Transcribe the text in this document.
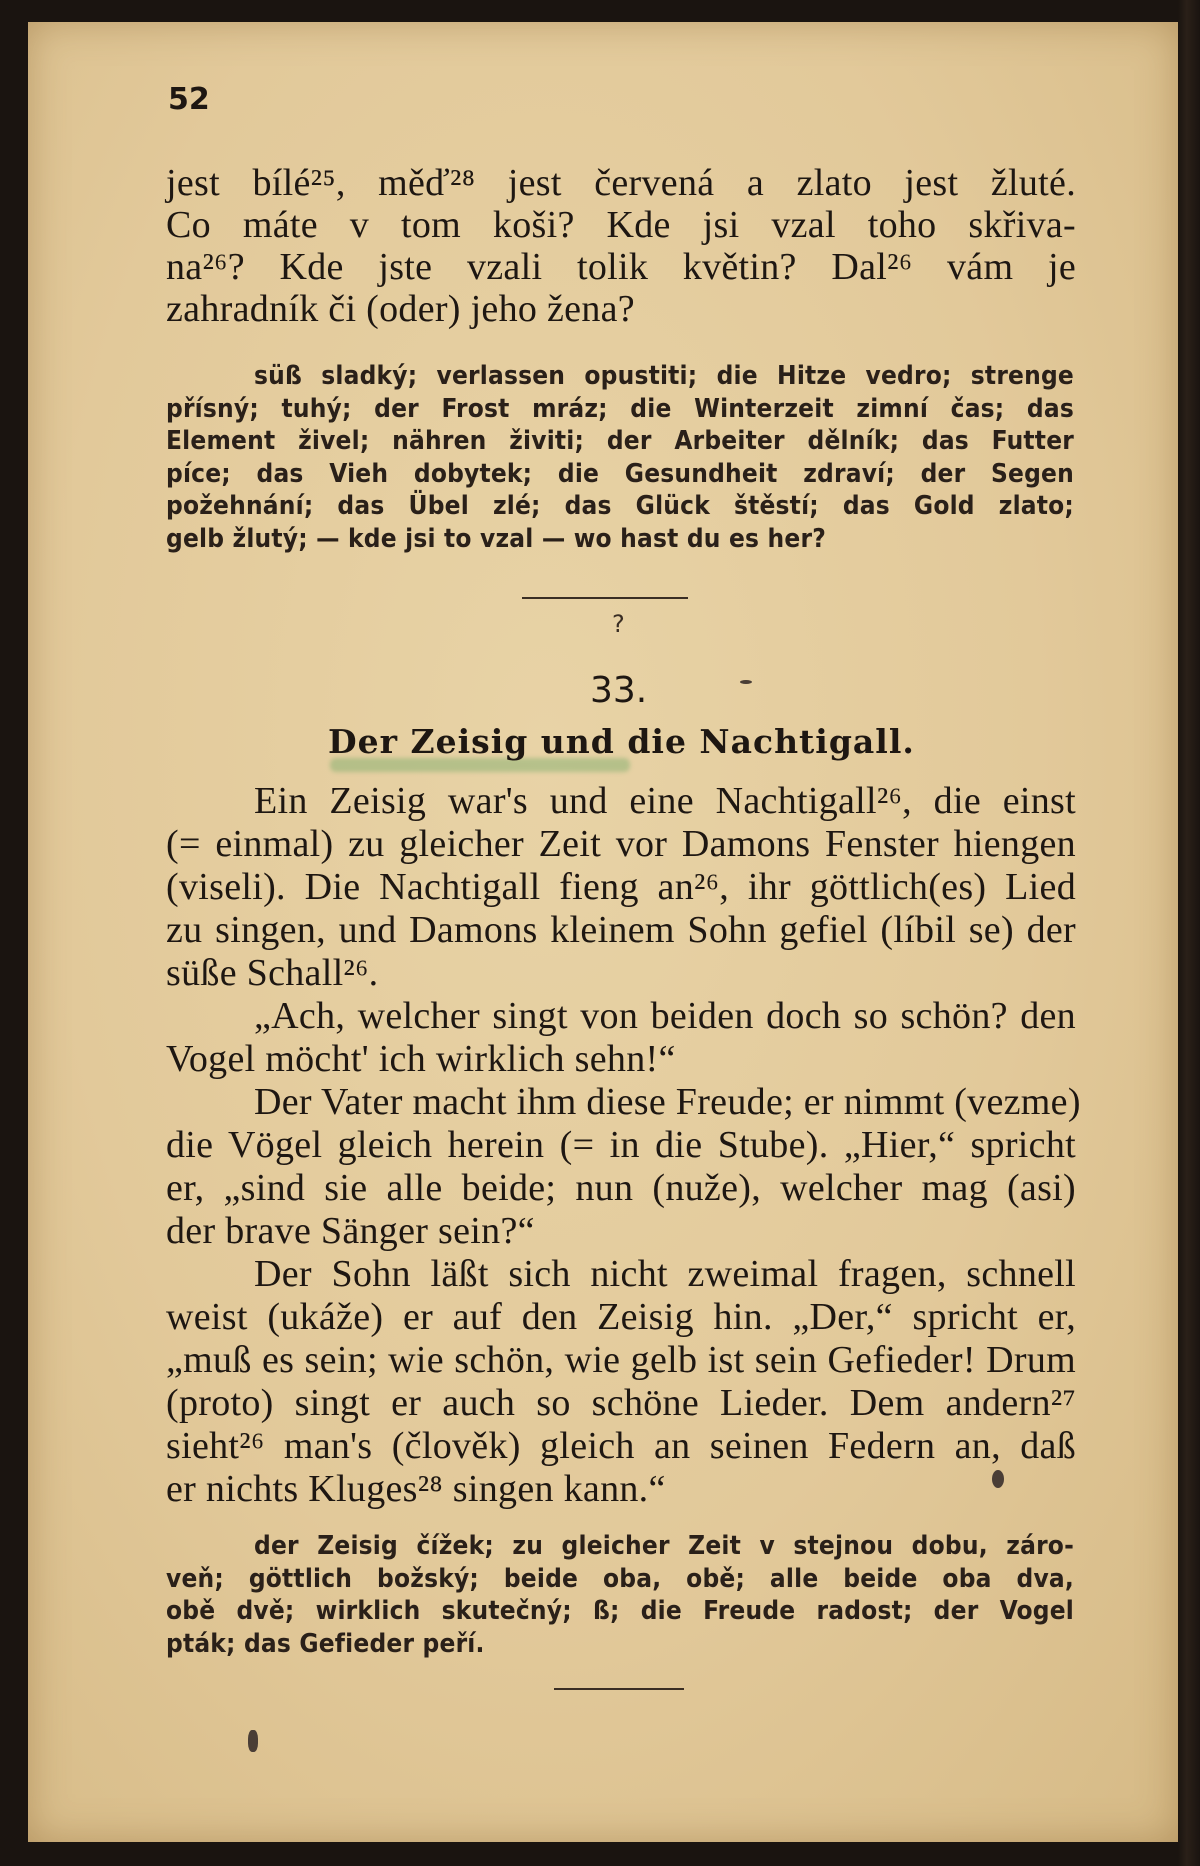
52
jest bílé²⁵, měď²⁸ jest červená a zlato jest žluté.
Co máte v tom koši? Kde jsi vzal toho skřiva-
na²⁶? Kde jste vzali tolik květin? Dal²⁶ vám je
zahradník či (oder) jeho žena?
süß sladký; verlassen opustiti; die Hitze vedro; strenge
přísný; tuhý; der Frost mráz; die Winterzeit zimní čas; das
Element živel; nähren živiti; der Arbeiter dělník; das Futter
píce; das Vieh dobytek; die Gesundheit zdraví; der Segen
požehnání; das Übel zlé; das Glück štěstí; das Gold zlato;
gelb žlutý; — kde jsi to vzal — wo hast du es her?
?
33.
Der Zeisig und die Nachtigall.
Ein Zeisig war's und eine Nachtigall²⁶, die einst
(= einmal) zu gleicher Zeit vor Damons Fenster hiengen
(viseli). Die Nachtigall fieng an²⁶, ihr göttlich(es) Lied
zu singen, und Damons kleinem Sohn gefiel (líbil se) der
süße Schall²⁶.
„Ach, welcher singt von beiden doch so schön? den
Vogel möcht' ich wirklich sehn!“
Der Vater macht ihm diese Freude; er nimmt (vezme)
die Vögel gleich herein (= in die Stube). „Hier,“ spricht
er, „sind sie alle beide; nun (nuže), welcher mag (asi)
der brave Sänger sein?“
Der Sohn läßt sich nicht zweimal fragen, schnell
weist (ukáže) er auf den Zeisig hin. „Der,“ spricht er,
„muß es sein; wie schön, wie gelb ist sein Gefieder! Drum
(proto) singt er auch so schöne Lieder. Dem andern²⁷
sieht²⁶ man's (člověk) gleich an seinen Federn an, daß
er nichts Kluges²⁸ singen kann.“
der Zeisig čížek; zu gleicher Zeit v stejnou dobu, záro-
veň; göttlich božský; beide oba, obě; alle beide oba dva,
obě dvě; wirklich skutečný; ß; die Freude radost; der Vogel
pták; das Gefieder peří.
